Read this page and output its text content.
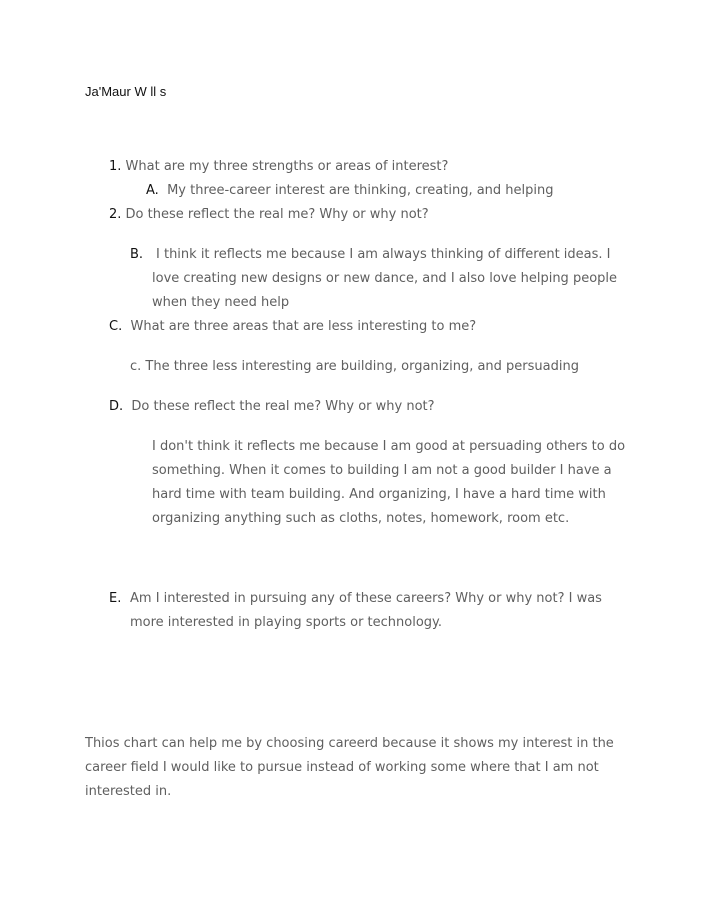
Ja'Maur W ll s
1. What are my three strengths or areas of interest?
A. My three-career interest are thinking, creating, and helping
2. Do these reflect the real me? Why or why not?
B. I think it reflects me because I am always thinking of different ideas. I
love creating new designs or new dance, and I also love helping people
when they need help
C. What are three areas that are less interesting to me?
c. The three less interesting are building, organizing, and persuading
D. Do these reflect the real me? Why or why not?
I don't think it reflects me because I am good at persuading others to do
something. When it comes to building I am not a good builder I have a
hard time with team building. And organizing, I have a hard time with
organizing anything such as cloths, notes, homework, room etc.
E. Am I interested in pursuing any of these careers? Why or why not? I was
more interested in playing sports or technology.
Thios chart can help me by choosing careerd because it shows my interest in the
career field I would like to pursue instead of working some where that I am not
interested in.
